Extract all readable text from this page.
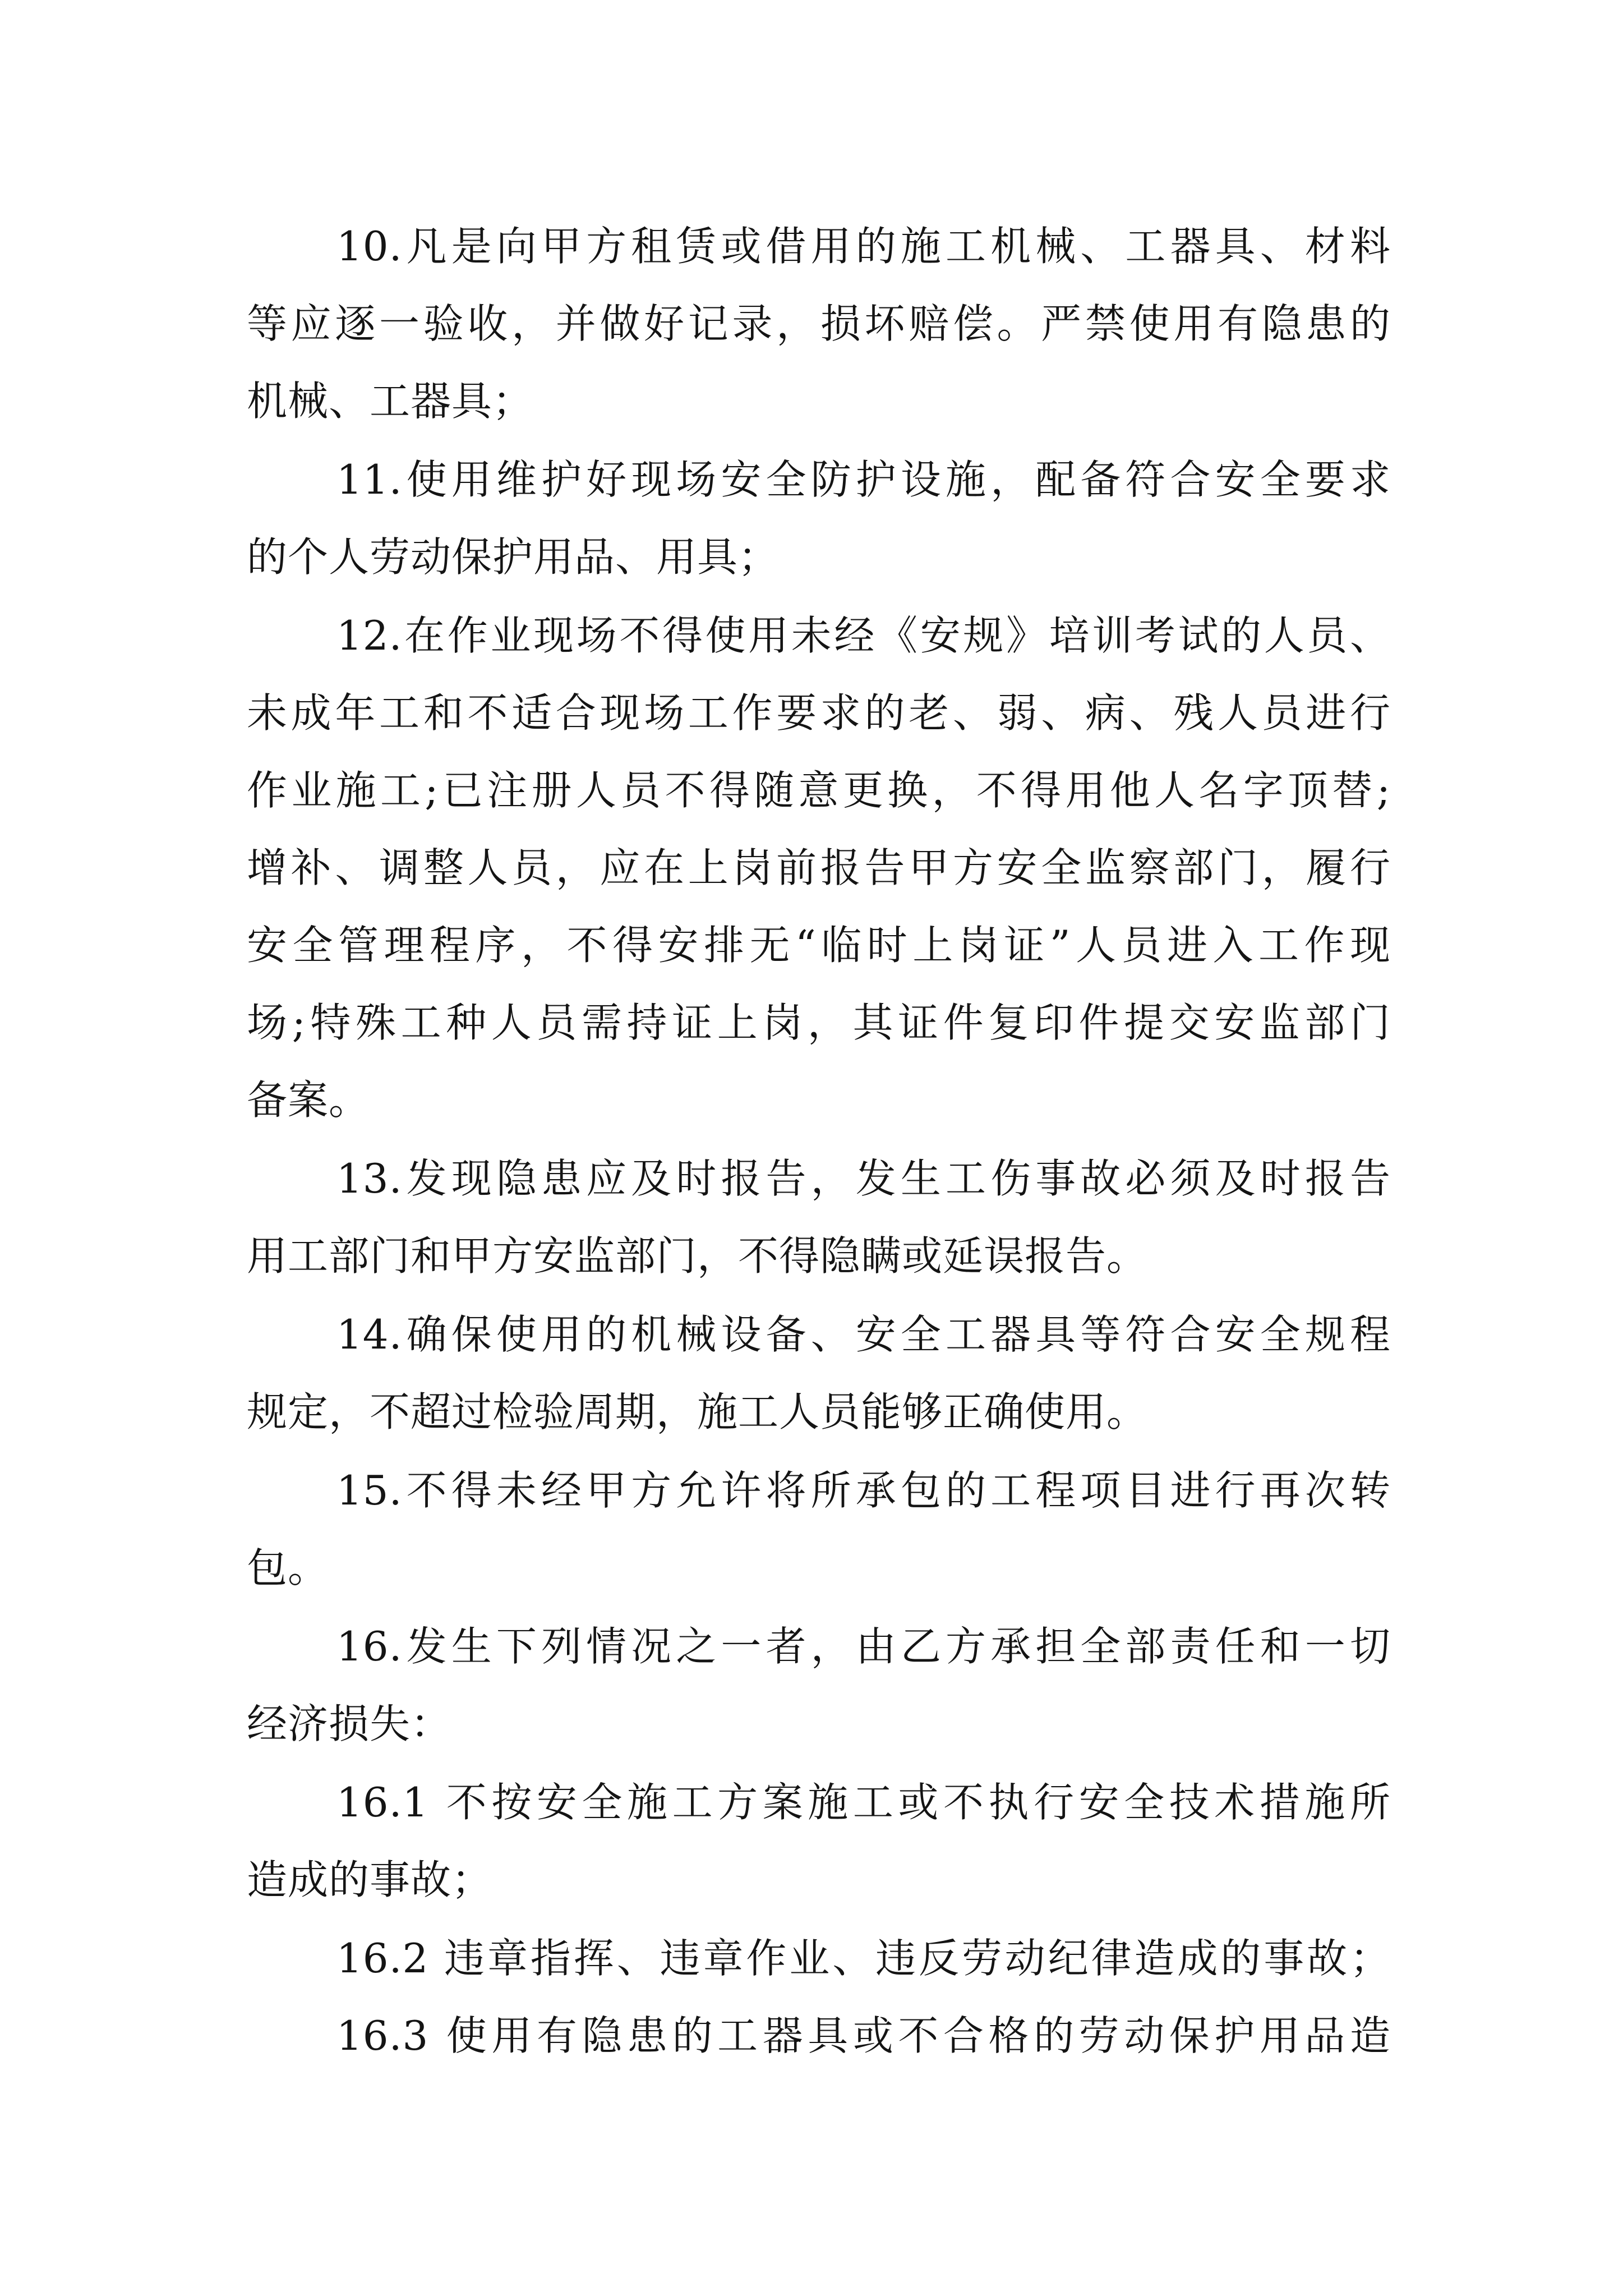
10.凡是向甲方租赁或借用的施工机械、工器具、材料
等应逐一验收，并做好记录，损坏赔偿。严禁使用有隐患的
机械、工器具；
11.使用维护好现场安全防护设施，配备符合安全要求
的个人劳动保护用品、用具；
12.在作业现场不得使用未经《安规》培训考试的人员、
未成年工和不适合现场工作要求的老、弱、病、残人员进行
作业施工;已注册人员不得随意更换，不得用他人名字顶替;
增补、调整人员，应在上岗前报告甲方安全监察部门，履行
安全管理程序，不得安排无“临时上岗证”人员进入工作现
场;特殊工种人员需持证上岗，其证件复印件提交安监部门
备案。
13.发现隐患应及时报告，发生工伤事故必须及时报告
用工部门和甲方安监部门，不得隐瞒或延误报告。
14.确保使用的机械设备、安全工器具等符合安全规程
规定，不超过检验周期，施工人员能够正确使用。
15.不得未经甲方允许将所承包的工程项目进行再次转
包。
16.发生下列情况之一者，由乙方承担全部责任和一切
经济损失：
16.1 不按安全施工方案施工或不执行安全技术措施所
造成的事故；
16.2 违章指挥、违章作业、违反劳动纪律造成的事故；
16.3 使用有隐患的工器具或不合格的劳动保护用品造
